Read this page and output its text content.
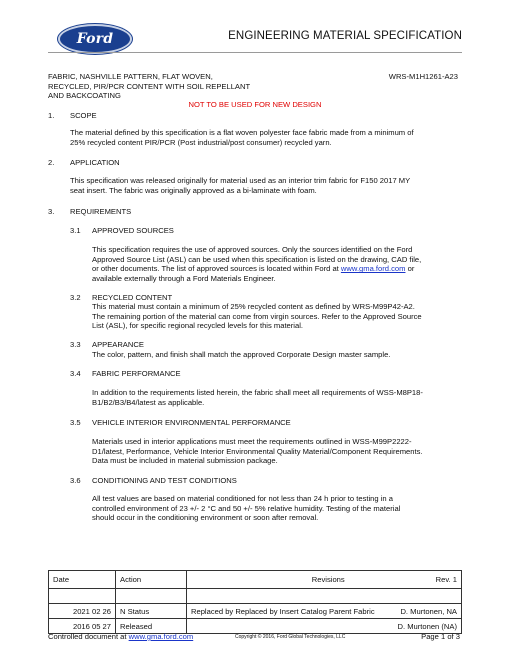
Ford	ENGINEERING MATERIAL SPECIFICATION
FABRIC, NASHVILLE PATTERN, FLAT WOVEN,
RECYCLED, PIR/PCR CONTENT WITH SOIL REPELLANT
AND BACKCOATING
WRS-M1H1261-A23
NOT TO BE USED FOR NEW DESIGN
1. SCOPE
The material defined by this specification is a flat woven polyester face fabric made from a minimum of
25% recycled content PIR/PCR (Post industrial/post consumer) recycled yarn.
2. APPLICATION
This specification was released originally for material used as an interior trim fabric for F150 2017 MY
seat insert. The fabric was originally approved as a bi-laminate with foam.
3. REQUIREMENTS
3.1 APPROVED SOURCES
This specification requires the use of approved sources. Only the sources identified on the Ford
Approved Source List (ASL) can be used when this specification is listed on the drawing, CAD file,
or other documents. The list of approved sources is located within Ford at www.gma.ford.com or
available externally through a Ford Materials Engineer.
3.2 RECYCLED CONTENT
This material must contain a minimum of 25% recycled content as defined by WRS-M99P42-A2.
The remaining portion of the material can come from virgin sources. Refer to the Approved Source
List (ASL), for specific regional recycled levels for this material.
3.3 APPEARANCE
The color, pattern, and finish shall match the approved Corporate Design master sample.
3.4 FABRIC PERFORMANCE
In addition to the requirements listed herein, the fabric shall meet all requirements of WSS-M8P18-
B1/B2/B3/B4/latest as applicable.
3.5 VEHICLE INTERIOR ENVIRONMENTAL PERFORMANCE
Materials used in interior applications must meet the requirements outlined in WSS-M99P2222-
D1/latest, Performance, Vehicle Interior Environmental Quality Material/Component Requirements.
Data must be included in material submission package.
3.6 CONDITIONING AND TEST CONDITIONS
All test values are based on material conditioned for not less than 24 h prior to testing in a
controlled environment of 23 +/- 2 °C and 50 +/- 5% relative humidity. Testing of the material
should occur in the conditioning environment or soon after removal.
Date	Action	Revisions	Rev. 1

2021 02 26	N Status	Replaced by Replaced by Insert Catalog Parent Fabric	D. Murtonen, NA
2016 05 27	Released		D. Murtonen (NA)
Controlled document at www.gma.ford.com	Copyright © 2016, Ford Global Technologies, LLC	Page 1 of 3
